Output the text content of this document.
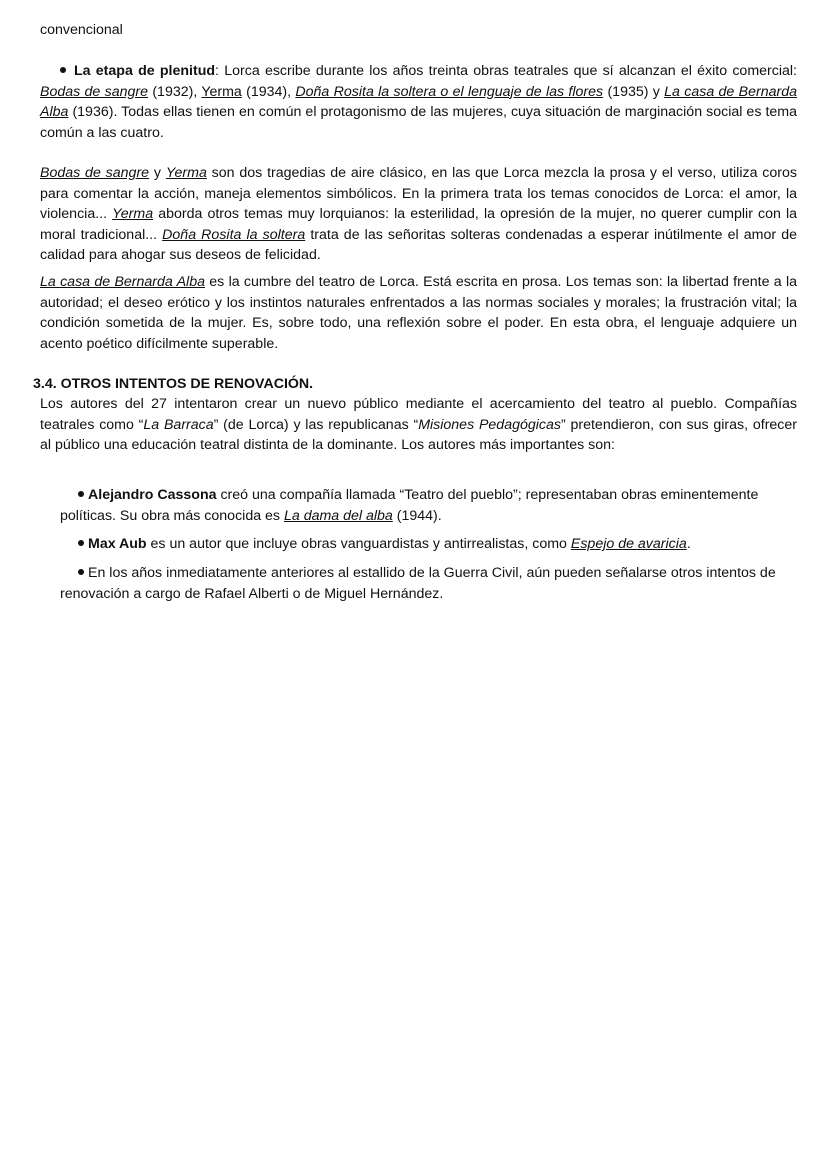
convencional

La etapa de plenitud: Lorca escribe durante los años treinta obras teatrales que sí alcanzan el éxito comercial: Bodas de sangre (1932), Yerma (1934), Doña Rosita la soltera o el lenguaje de las flores (1935) y La casa de Bernarda Alba (1936). Todas ellas tienen en común el protagonismo de las mujeres, cuya situación de marginación social es tema común a las cuatro.

Bodas de sangre y Yerma son dos tragedias de aire clásico, en las que Lorca mezcla la prosa y el verso, utiliza coros para comentar la acción, maneja elementos simbólicos. En la primera trata los temas conocidos de Lorca: el amor, la violencia... Yerma aborda otros temas muy lorquianos: la esterilidad, la opresión de la mujer, no querer cumplir con la moral tradicional... Doña Rosita la soltera trata de las señoritas solteras condenadas a esperar inútilmente el amor de calidad para ahogar sus deseos de felicidad.

La casa de Bernarda Alba es la cumbre del teatro de Lorca. Está escrita en prosa. Los temas son: la libertad frente a la autoridad; el deseo erótico y los instintos naturales enfrentados a las normas sociales y morales; la frustración vital; la condición sometida de la mujer. Es, sobre todo, una reflexión sobre el poder. En esta obra, el lenguaje adquiere un acento poético difícilmente superable.

3.4. OTROS INTENTOS DE RENOVACIÓN.

Los autores del 27 intentaron crear un nuevo público mediante el acercamiento del teatro al pueblo. Compañías teatrales como “La Barraca” (de Lorca) y las republicanas “Misiones Pedagógicas” pretendieron, con sus giras, ofrecer al público una educación teatral distinta de la dominante. Los autores más importantes son:

Alejandro Cassona creó una compañía llamada “Teatro del pueblo”; representaban obras eminentemente políticas. Su obra más conocida es La dama del alba (1944).

Max Aub es un autor que incluye obras vanguardistas y antirrealistas, como Espejo de avaricia.

En los años inmediatamente anteriores al estallido de la Guerra Civil, aún pueden señalarse otros intentos de renovación a cargo de Rafael Alberti o de Miguel Hernández.
